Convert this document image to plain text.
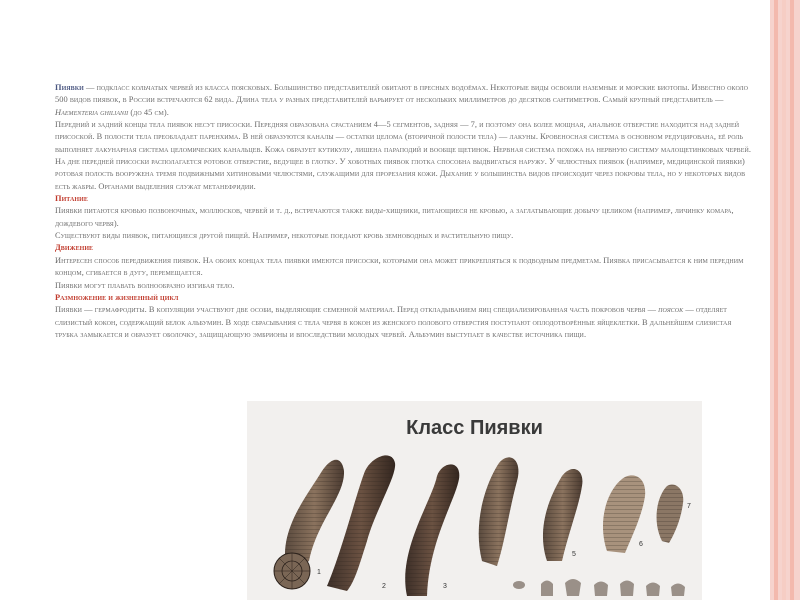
Пиявки — подкласс кольчатых червей из класса поясковых. Большинство представителей обитают в пресных водоёмах. Некоторые виды освоили наземные и морские биотопы. Известно около 500 видов пиявок, в России встречаются 62 вида. Длина тела у разных представителей варьирует от нескольких миллиметров до десятков сантиметров. Самый крупный представитель — Haementeria ghilianii (до 45 см).

Передний и задний концы тела пиявок несут присоски. Передняя образована срастанием 4—5 сегментов, задняя — 7, и поэтому она более мощная, анальное отверстие находится над задней присоской. В полости тела преобладает паренхима. В ней образуются каналы — остатки целома (вторичной полости тела) — лакуны. Кровеносная система в основном редуцирована, её роль выполняет лакунарная система целомических канальцев. Кожа образует кутикулу, лишена параподий и вообще щетинок. Нервная система похожа на нервную систему малощетинковых червей. На дне передней присоски располагается ротовое отверстие, ведущее в глотку. У хоботных пиявок глотка способна выдвигаться наружу. У челюстных пиявок (например, медицинской пиявки) ротовая полость вооружена тремя подвижными хитиновыми челюстями, служащими для прорезания кожи. Дыхание у большинства видов происходит через покровы тела, но у некоторых видов есть жабры. Органами выделения служат метанефридии.

Питание

Пиявки питаются кровью позвоночных, моллюсков, червей и т. д., встречаются также виды-хищники, питающиеся не кровью, а заглатывающие добычу целиком (например, личинку комара, дождевого червя).

Существуют виды пиявок, питающиеся другой пищей. Например, некоторые поедают кровь земноводных и растительную пищу.

Движение

Интересен способ передвижения пиявок. На обоих концах тела пиявки имеются присоски, которыми она может прикрепляться к подводным предметам. Пиявка присасывается к ним передним концом, сгибается в дугу, перемещается.

Пиявки могут плавать волнообразно изгибая тело.

Размножение и жизненный цикл

Пиявки — гермафродиты. В копуляции участвуют две особи, выделяющие семенной материал. Перед откладыванием яиц специализированная часть покровов червя — поясок — отделяет слизистый кокон, содержащий белок альбумин. В ходе сбрасывания с тела червя в кокон из женского полового отверстия поступают оплодотворённые яйцеклетки. В дальнейшем слизистая трубка замыкается и образует оболочку, защищающую эмбрионы и впоследствии молодых червей. Альбумин выступает в качестве источника пищи.

Класс Пиявки
1
2	3
5
6
7
